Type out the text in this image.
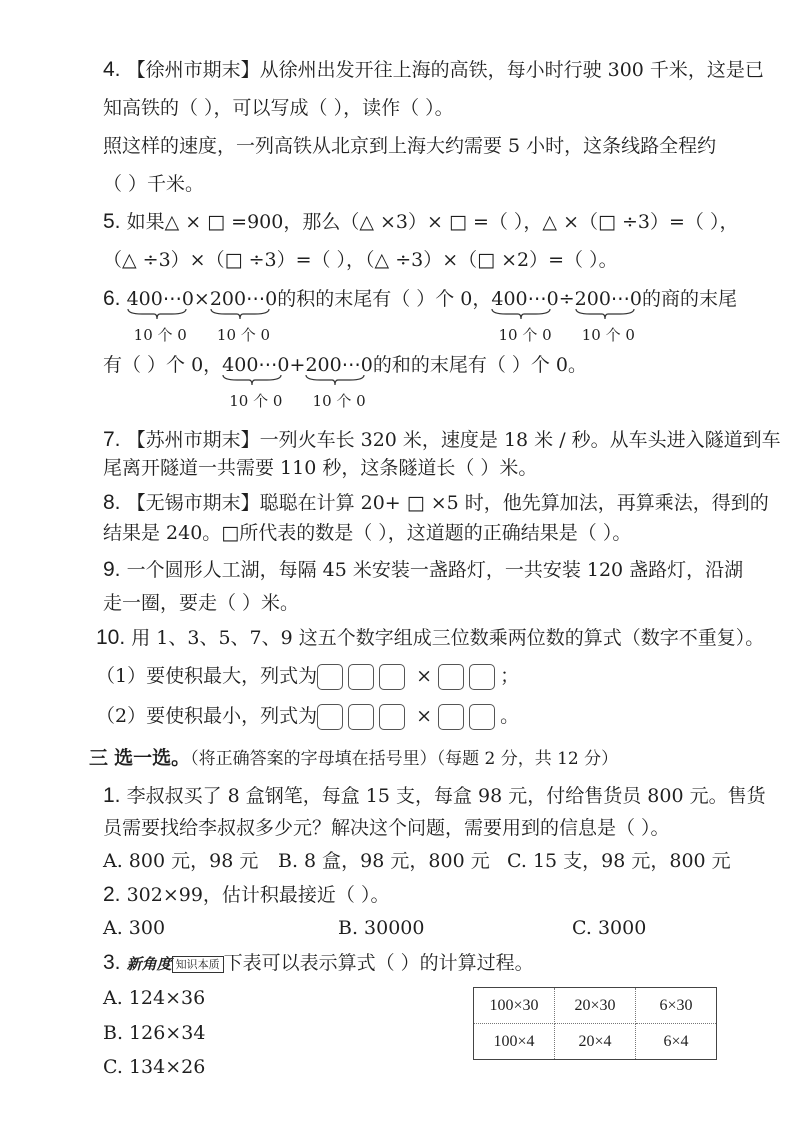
4. 【徐州市期末】从徐州出发开往上海的高铁，每小时行驶 300 千米，这是已
知高铁的（ ），可以写成（ ），读作（ ）。
照这样的速度，一列高铁从北京到上海大约需要 5 小时，这条线路全程约
（ ）千米。
5. 如果△ × □ =900，那么（△ ×3）× □ =（ ），△ ×（□ ÷3）=（ ），
（△ ÷3）×（□ ÷3）=（ ），（△ ÷3）×（□ ×2）=（ ）。
6. 400⋯0
10 个 0
×200⋯0
10 个 0
的积的末尾有（ ）个 0，400⋯0
10 个 0
÷200⋯0
10 个 0
的商的末尾
有（ ）个 0，400⋯0
10 个 0
+200⋯0
10 个 0
的和的末尾有（ ）个 0。
7. 【苏州市期末】一列火车长 320 米，速度是 18 米 / 秒。从车头进入隧道到车
尾离开隧道一共需要 110 秒，这条隧道长（ ）米。
8. 【无锡市期末】聪聪在计算 20+ □ ×5 时，他先算加法，再算乘法，得到的
结果是 240。□所代表的数是（ ），这道题的正确结果是（ ）。
9. 一个圆形人工湖，每隔 45 米安装一盏路灯，一共安装 120 盏路灯，沿湖
走一圈，要走（ ）米。
10. 用 1、3、5、7、9 这五个数字组成三位数乘两位数的算式（数字不重复）。
（1）要使积最大，列式为	×	；
（2）要使积最小，列式为	×	。
三 选一选。（将正确答案的字母填在括号里）（每题 2 分，共 12 分）
1. 李叔叔买了 8 盒钢笔，每盒 15 支，每盒 98 元，付给售货员 800 元。售货
员需要找给李叔叔多少元？解决这个问题，需要用到的信息是（ ）。
A. 800 元，98 元 B. 8 盒，98 元，800 元 C. 15 支，98 元，800 元
2. 302×99，估计积最接近（ ）。
A. 300	B. 30000	C. 3000
3. 新角度 知识本质 下表可以表示算式（ ）的计算过程。
A. 124×36
B. 126×34
C. 134×26
100×30	20×30	6×30
100×4	20×4	6×4
